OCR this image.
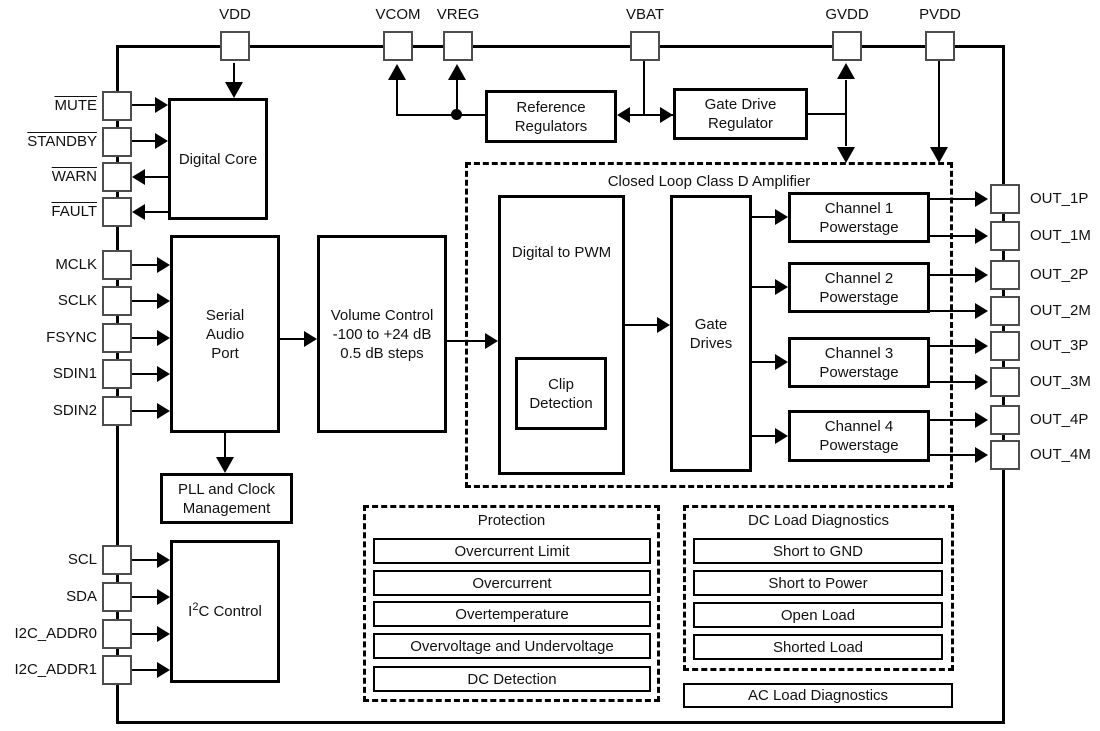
Closed Loop Class D Amplifier
Protection	DC Load Diagnostics
Digital Core
Serial
Audio
Port
Volume Control
-100 to +24 dB
0.5 dB steps
PLL and Clock
Management
$I^2C$ Control
Reference
Regulators
Gate Drive
Regulator
Digital to PWM
Clip
Detection
Gate
Drives
Channel 1
Powerstage
Channel 2
Powerstage
Channel 3
Powerstage
Channel 4
Powerstage
Overcurrent Limit
Overcurrent
Overtemperature
Overvoltage and Undervoltage
DC Detection
Short to GND
Short to Power
Open Load
Shorted Load
AC Load Diagnostics
VDD	VCOM	VREG	VBAT	GVDD	PVDD
MUTE
STANDBY
WARN
FAULT
MCLK
SCLK
FSYNC
SDIN1
SDIN2
SCL
SDA
I2C_ADDR0
I2C_ADDR1
OUT_1P
OUT_1M
OUT_2P
OUT_2M
OUT_3P
OUT_3M
OUT_4P
OUT_4M
